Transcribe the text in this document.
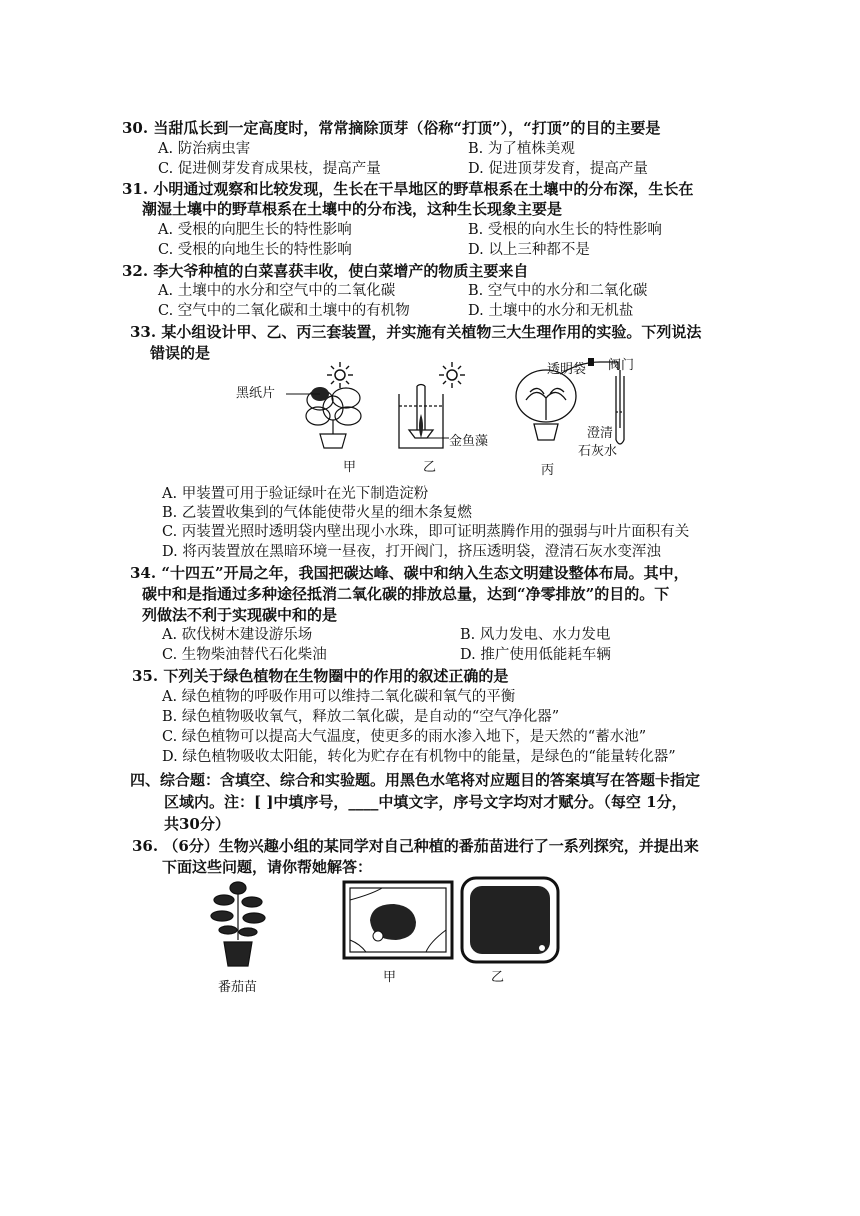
30. 当甜瓜长到一定高度时，常常摘除顶芽（俗称“打顶”），“打顶”的目的主要是
A. 防治病虫害	B. 为了植株美观
C. 促进侧芽发育成果枝，提高产量	D. 促进顶芽发育，提高产量
31. 小明通过观察和比较发现，生长在干旱地区的野草根系在土壤中的分布深，生长在
潮湿土壤中的野草根系在土壤中的分布浅，这种生长现象主要是
A. 受根的向肥生长的特性影响	B. 受根的向水生长的特性影响
C. 受根的向地生长的特性影响	D. 以上三种都不是
32. 李大爷种植的白菜喜获丰收，使白菜增产的物质主要来自
A. 土壤中的水分和空气中的二氧化碳	B. 空气中的水分和二氧化碳
C. 空气中的二氧化碳和土壤中的有机物	D. 土壤中的水分和无机盐
33. 某小组设计甲、乙、丙三套装置，并实施有关植物三大生理作用的实验。下列说法
错误的是
黑纸片
甲
金鱼藻
乙
透明袋 阀门
澄清
石灰水
丙
A. 甲装置可用于验证绿叶在光下制造淀粉
B. 乙装置收集到的气体能使带火星的细木条复燃
C. 丙装置光照时透明袋内壁出现小水珠，即可证明蒸腾作用的强弱与叶片面积有关
D. 将丙装置放在黑暗环境一昼夜，打开阀门，挤压透明袋，澄清石灰水变浑浊
34. “十四五”开局之年，我国把碳达峰、碳中和纳入生态文明建设整体布局。其中，
碳中和是指通过多种途径抵消二氧化碳的排放总量，达到“净零排放”的目的。下
列做法不利于实现碳中和的是
A. 砍伐树木建设游乐场	B. 风力发电、水力发电
C. 生物柴油替代石化柴油	D. 推广使用低能耗车辆
35. 下列关于绿色植物在生物圈中的作用的叙述正确的是
A. 绿色植物的呼吸作用可以维持二氧化碳和氧气的平衡
B. 绿色植物吸收氧气，释放二氧化碳，是自动的“空气净化器”
C. 绿色植物可以提高大气温度，使更多的雨水渗入地下，是天然的“蓄水池”
D. 绿色植物吸收太阳能，转化为贮存在有机物中的能量，是绿色的“能量转化器”
四、综合题：含填空、综合和实验题。用黑色水笔将对应题目的答案填写在答题卡指定
区域内。注：[ ]中填序号，____中填文字，序号文字均对才赋分。（每空 1分，
共30分）
36. （6分）生物兴趣小组的某同学对自己种植的番茄苗进行了一系列探究，并提出来
下面这些问题，请你帮她解答：
番茄苗
甲	乙
